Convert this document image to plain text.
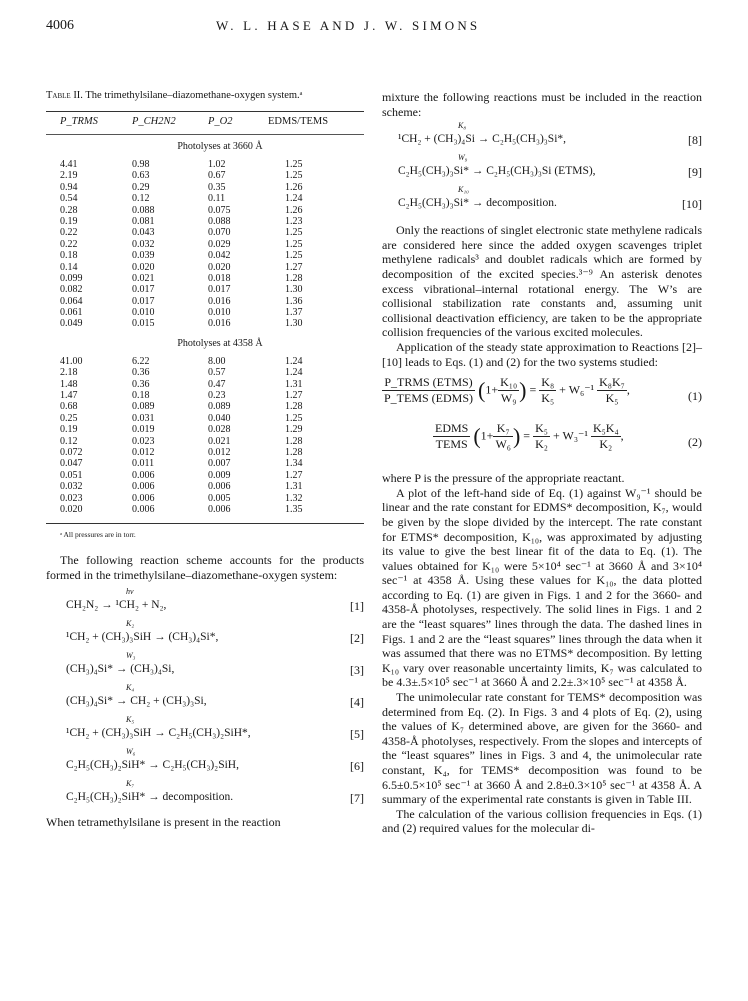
4006	W. L. HASE AND J. W. SIMONS
Table II. The trimethylsilane–diazomethane-oxygen system.ᵃ
P_TRMS	P_CH2N2	P_O2	EDMS/TEMS
Photolyses at 3660 Å
4.41	0.98	1.02	1.25
2.19	0.63	0.67	1.25
0.94	0.29	0.35	1.26
0.54	0.12	0.11	1.24
0.28	0.088	0.075	1.26
0.19	0.081	0.088	1.23
0.22	0.043	0.070	1.25
0.22	0.032	0.029	1.25
0.18	0.039	0.042	1.25
0.14	0.020	0.020	1.27
0.099	0.021	0.018	1.28
0.082	0.017	0.017	1.30
0.064	0.017	0.016	1.36
0.061	0.010	0.010	1.37
0.049	0.015	0.016	1.30
Photolyses at 4358 Å
41.00	6.22	8.00	1.24
2.18	0.36	0.57	1.24
1.48	0.36	0.47	1.31
1.47	0.18	0.23	1.27
0.68	0.089	0.089	1.28
0.25	0.031	0.040	1.25
0.19	0.019	0.028	1.29
0.12	0.023	0.021	1.28
0.072	0.012	0.012	1.28
0.047	0.011	0.007	1.34
0.051	0.006	0.009	1.27
0.032	0.006	0.006	1.31
0.023	0.006	0.005	1.32
0.020	0.006	0.006	1.35
ᵃ All pressures are in torr.
The following reaction scheme accounts for the products formed in the trimethylsilane–diazomethane-oxygen system:
hν
CH₂N₂ → ¹CH₂ + N₂,	[1]
K₂
¹CH₂ + (CH₃)₃SiH → (CH₃)₄Si*,	[2]
W₃
(CH₃)₄Si* → (CH₃)₄Si,	[3]
K₄
(CH₃)₄Si* → CH₂ + (CH₃)₃Si,	[4]
K₅
¹CH₂ + (CH₃)₃SiH → C₂H₅(CH₃)₂SiH*,	[5]
W₆
C₂H₅(CH₃)₂SiH* → C₂H₅(CH₃)₂SiH,	[6]
K₇
C₂H₅(CH₃)₂SiH* → decomposition.	[7]
When tetramethylsilane is present in the reaction
mixture the following reactions must be included in the reaction scheme:
K₈
¹CH₂ + (CH₃)₄Si → C₂H₅(CH₃)₃Si*,	[8]
W₉
C₂H₅(CH₃)₃Si* → C₂H₅(CH₃)₃Si (ETMS),	[9]
K₁₀
C₂H₅(CH₃)₃Si* → decomposition.	[10]
Only the reactions of singlet electronic state methylene radicals are considered here since the added oxygen scavenges triplet methylene radicals³ and doublet radicals which are formed by decomposition of the excited species.³⁻⁹ An asterisk denotes excess vibrational–internal rotational energy. The W’s are collisional stabilization rate constants and, assuming unit collisional deactivation efficiency, are taken to be the appropriate collision frequencies of the various excited molecules.
Application of the steady state approximation to Reactions [2]–[10] leads to Eqs. (1) and (2) for the two systems studied:
$\frac{\text{P\_TRMS (ETMS)}}{\text{P\_TEMS (EDMS)}} (1+ \frac{\text{K₁₀}}{\text{W₉}}$ ) = $\frac{\text{K₈}}{\text{K₅}} + W_6^{-1} \frac{\text{K₈K₇}}{\text{K₅}}$ ,	(1)

$\frac{\text{EDMS}}{\text{TEMS}} (1+ \frac{\text{K₇}}{\text{W₆}}$ ) = $\frac{\text{K₅}}{\text{K₂}} + W_3^{-1} \frac{\text{K₅K₄}}{\text{K₂}}$ ,	(2)
where P is the pressure of the appropriate reactant.
A plot of the left-hand side of Eq. (1) against W₉⁻¹ should be linear and the rate constant for EDMS* decomposition, K₇, would be given by the slope divided by the intercept. The rate constant for ETMS* decomposition, K₁₀, was approximated by adjusting its value to give the best linear fit of the data to Eq. (1). The values obtained for K₁₀ were 5×10⁴ sec⁻¹ at 3660 Å and 3×10⁴ sec⁻¹ at 4358 Å. Using these values for K₁₀, the data plotted according to Eq. (1) are given in Figs. 1 and 2 for the 3660- and 4358-Å photolyses, respectively. The solid lines in Figs. 1 and 2 are the “least squares” lines through the data. The dashed lines in Figs. 1 and 2 are the “least squares” lines through the data when it was assumed that there was no ETMS* decomposition. By letting K₁₀ vary over reasonable uncertainty limits, K₇ was calculated to be 4.3±.5×10⁵ sec⁻¹ at 3660 Å and 2.2±.3×10⁵ sec⁻¹ at 4358 Å.
The unimolecular rate constant for TEMS* decomposition was determined from Eq. (2). In Figs. 3 and 4 plots of Eq. (2), using the values of K₇ determined above, are given for the 3660- and 4358-Å photolyses, respectively. From the slopes and intercepts of the “least squares” lines in Figs. 3 and 4, the unimolecular rate constant, K₄, for TEMS* decomposition was found to be 6.5±0.5×10⁵ sec⁻¹ at 3660 Å and 2.8±0.3×10⁵ sec⁻¹ at 4358 Å. A summary of the experimental rate constants is given in Table III.
The calculation of the various collision frequencies in Eqs. (1) and (2) required values for the molecular di-
